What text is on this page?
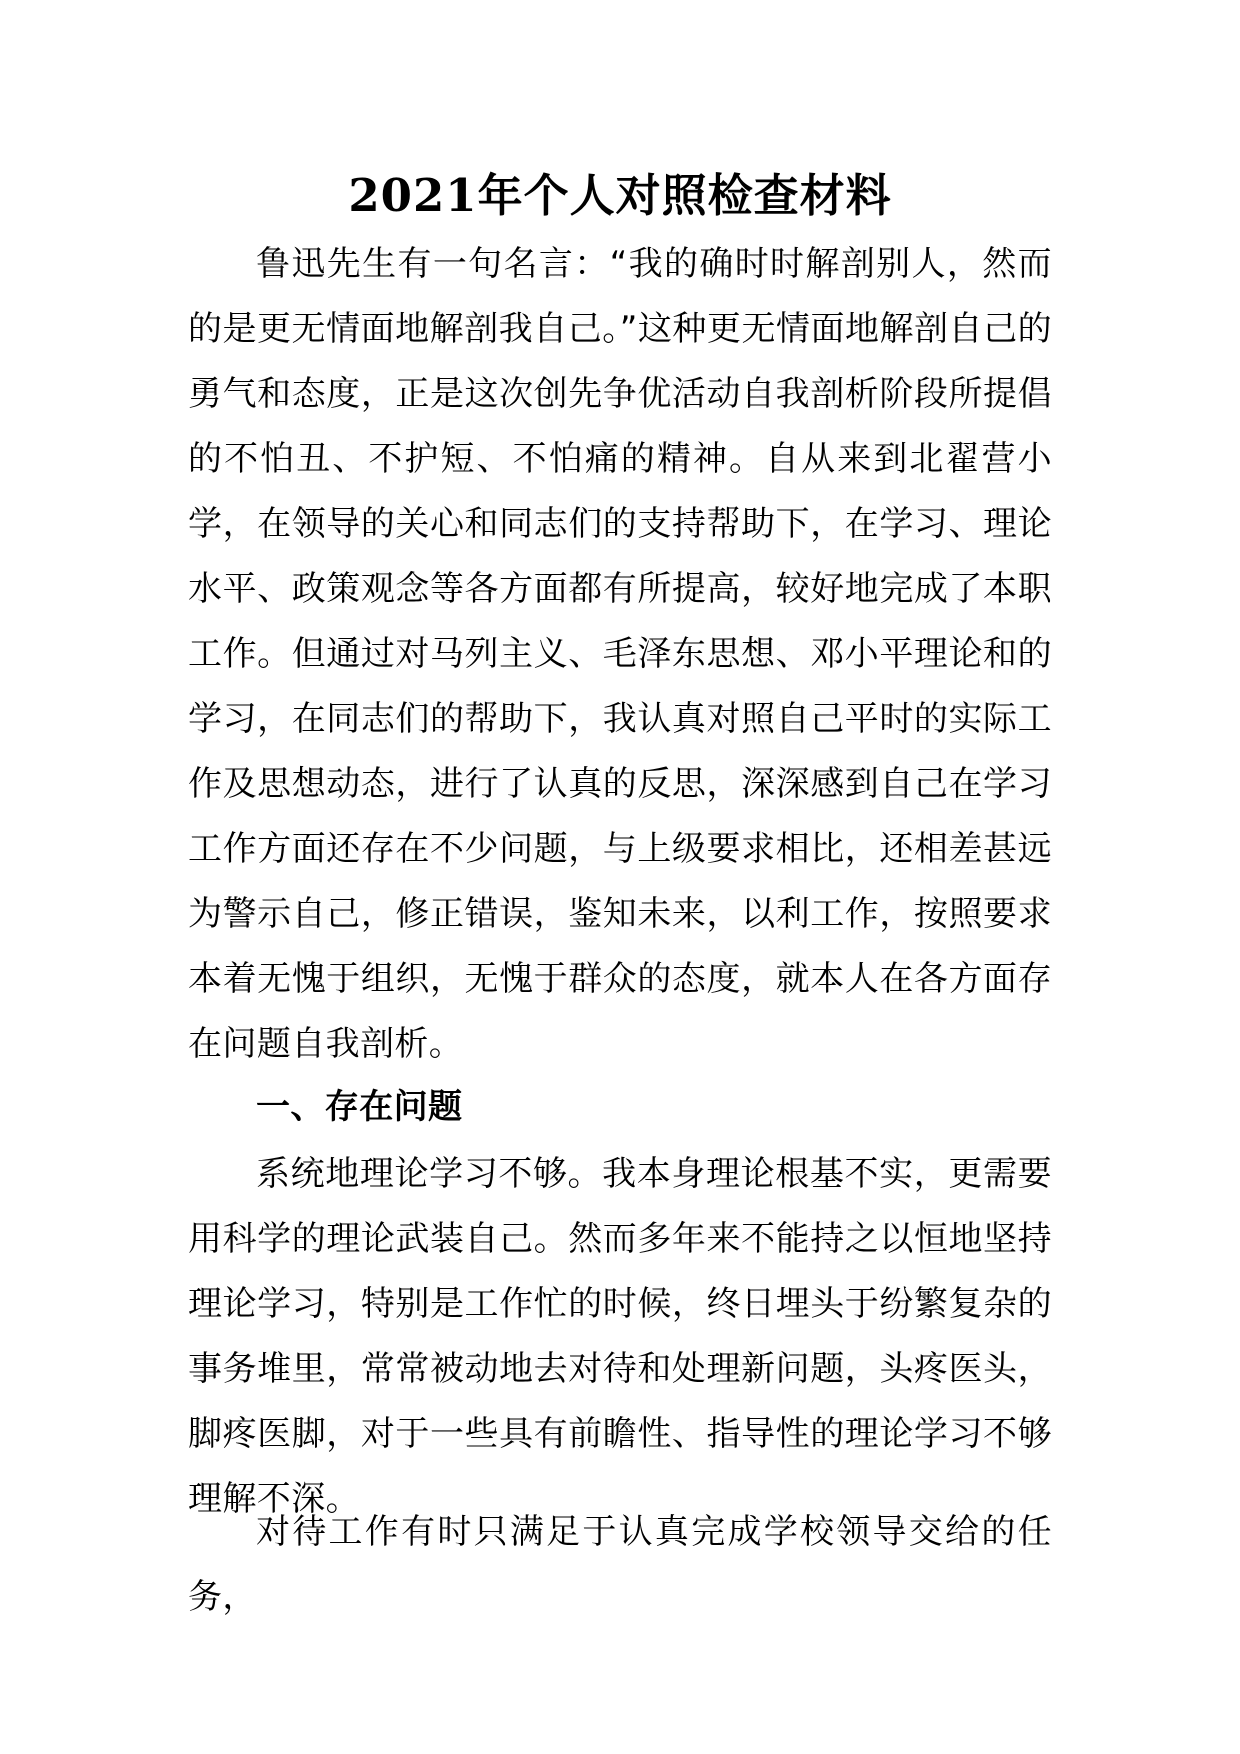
2021年个人对照检查材料

鲁迅先生有一句名言：“我的确时时解剖别人，然而的是更无情面地解剖我自己。”这种更无情面地解剖自己的勇气和态度，正是这次创先争优活动自我剖析阶段所提倡的不怕丑、不护短、不怕痛的精神。自从来到北翟营小学，在领导的关心和同志们的支持帮助下，在学习、理论水平、政策观念等各方面都有所提高，较好地完成了本职工作。但通过对马列主义、毛泽东思想、邓小平理论和的学习，在同志们的帮助下，我认真对照自己平时的实际工作及思想动态，进行了认真的反思，深深感到自己在学习工作方面还存在不少问题，与上级要求相比，还相差甚远为警示自己，修正错误，鉴知未来，以利工作，按照要求本着无愧于组织，无愧于群众的态度，就本人在各方面存在问题自我剖析。

一、存在问题

系统地理论学习不够。我本身理论根基不实，更需要用科学的理论武装自己。然而多年来不能持之以恒地坚持理论学习，特别是工作忙的时候，终日埋头于纷繁复杂的事务堆里，常常被动地去对待和处理新问题，头疼医头，脚疼医脚，对于一些具有前瞻性、指导性的理论学习不够理解不深。

对待工作有时只满足于认真完成学校领导交给的任务，
